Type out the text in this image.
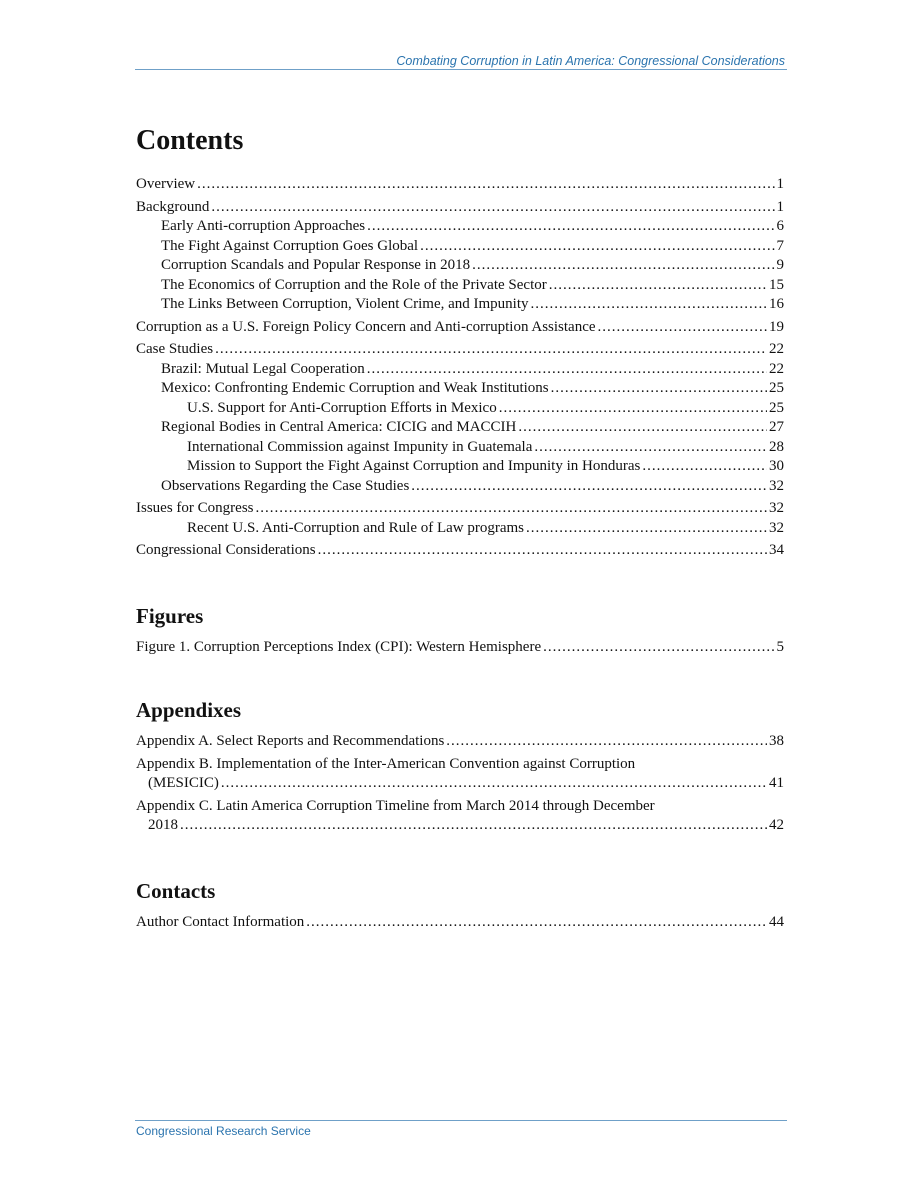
Combating Corruption in Latin America: Congressional Considerations
Contents
Overview .....	1
Background .....	1
Early Anti-corruption Approaches .....	6
The Fight Against Corruption Goes Global .....	7
Corruption Scandals and Popular Response in 2018 .....	9
The Economics of Corruption and the Role of the Private Sector .....	15
The Links Between Corruption, Violent Crime, and Impunity .....	16
Corruption as a U.S. Foreign Policy Concern and Anti-corruption Assistance .....	19
Case Studies .....	22
Brazil: Mutual Legal Cooperation .....	22
Mexico: Confronting Endemic Corruption and Weak Institutions .....	25
U.S. Support for Anti-Corruption Efforts in Mexico .....	25
Regional Bodies in Central America: CICIG and MACCIH .....	27
International Commission against Impunity in Guatemala .....	28
Mission to Support the Fight Against Corruption and Impunity in Honduras .....	30
Observations Regarding the Case Studies .....	32
Issues for Congress .....	32
Recent U.S. Anti-Corruption and Rule of Law programs .....	32
Congressional Considerations .....	34
Figures
Figure 1. Corruption Perceptions Index (CPI): Western Hemisphere .....	5
Appendixes
Appendix A. Select Reports and Recommendations .....	38
Appendix B. Implementation of the Inter-American Convention against Corruption
(MESICIC) .....	41
Appendix C. Latin America Corruption Timeline from March 2014 through December
2018 .....	42
Contacts
Author Contact Information .....	44
Congressional Research Service
